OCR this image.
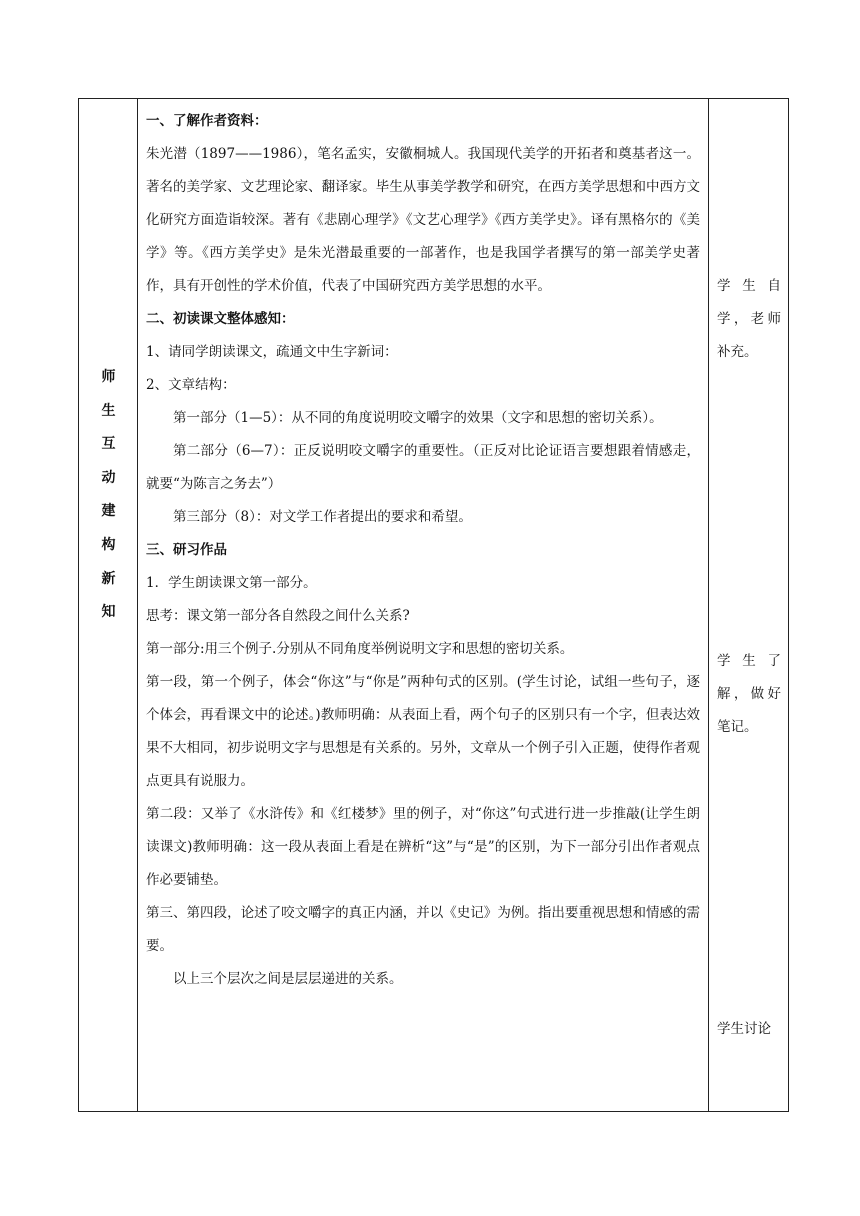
师
生
互
动
建
构
新
知

一、了解作者资料：

朱光潜（1897——1986），笔名孟实，安徽桐城人。我国现代美学的开拓者和奠基者这一。著名的美学家、文艺理论家、翻译家。毕生从事美学教学和研究，在西方美学思想和中西方文化研究方面造诣较深。著有《悲剧心理学》《文艺心理学》《西方美学史》。译有黑格尔的《美学》等。《西方美学史》是朱光潜最重要的一部著作，也是我国学者撰写的第一部美学史著作，具有开创性的学术价值，代表了中国研究西方美学思想的水平。

二、初读课文整体感知：

1、请同学朗读课文，疏通文中生字新词：

2、文章结构：

第一部分（1—5）：从不同的角度说明咬文嚼字的效果（文字和思想的密切关系）。

第二部分（6—7）：正反说明咬文嚼字的重要性。（正反对比论证语言要想跟着情感走，就要“为陈言之务去”）

第三部分（8）：对文学工作者提出的要求和希望。

三、研习作品

1．学生朗读课文第一部分。

思考：课文第一部分各自然段之间什么关系?

第一部分:用三个例子.分别从不同角度举例说明文字和思想的密切关系。

第一段，第一个例子，体会“你这”与“你是”两种句式的区别。(学生讨论，试组一些句子，逐个体会，再看课文中的论述。)教师明确：从表面上看，两个句子的区别只有一个字，但表达效果不大相同，初步说明文字与思想是有关系的。另外，文章从一个例子引入正题，使得作者观点更具有说服力。

第二段：又举了《水浒传》和《红楼梦》里的例子，对“你这”句式进行进一步推敲(让学生朗读课文)教师明确：这一段从表面上看是在辨析“这”与“是”的区别，为下一部分引出作者观点作必要铺垫。

第三、第四段，论述了咬文嚼字的真正内涵，并以《史记》为例。指出要重视思想和情感的需要。

以上三个层次之间是层层递进的关系。

学生自学，老师补充。
学生了解，做好笔记。
学生讨论
